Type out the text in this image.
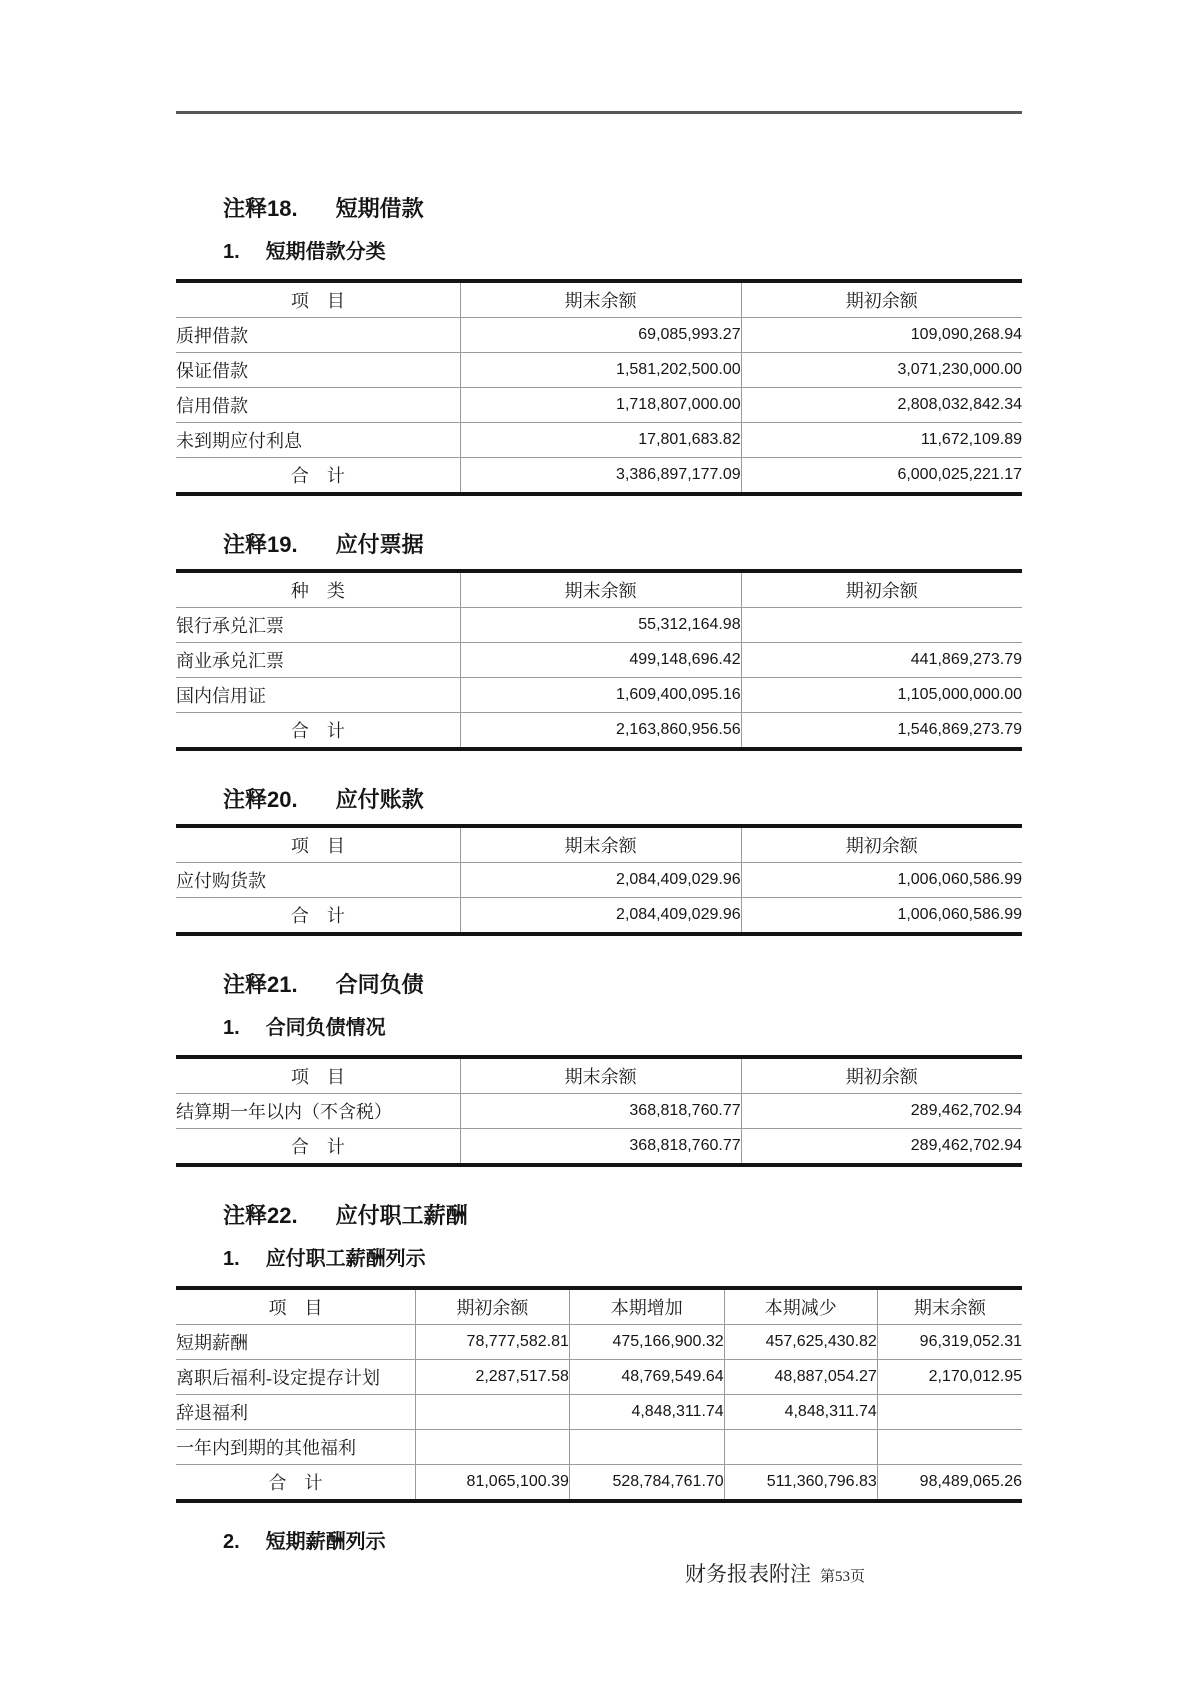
注释18. 短期借款
1. 短期借款分类
项　目	期末余额	期初余额
质押借款	69,085,993.27	109,090,268.94
保证借款	1,581,202,500.00	3,071,230,000.00
信用借款	1,718,807,000.00	2,808,032,842.34
未到期应付利息	17,801,683.82	11,672,109.89
合　计	3,386,897,177.09	6,000,025,221.17
注释19. 应付票据
种　类	期末余额	期初余额
银行承兑汇票	55,312,164.98	
商业承兑汇票	499,148,696.42	441,869,273.79
国内信用证	1,609,400,095.16	1,105,000,000.00
合　计	2,163,860,956.56	1,546,869,273.79
注释20. 应付账款
项　目	期末余额	期初余额
应付购货款	2,084,409,029.96	1,006,060,586.99
合　计	2,084,409,029.96	1,006,060,586.99
注释21. 合同负债
1. 合同负债情况
项　目	期末余额	期初余额
结算期一年以内（不含税）	368,818,760.77	289,462,702.94
合　计	368,818,760.77	289,462,702.94
注释22. 应付职工薪酬
1. 应付职工薪酬列示
项　目	期初余额	本期增加	本期减少	期末余额
短期薪酬	78,777,582.81	475,166,900.32	457,625,430.82	96,319,052.31
离职后福利-设定提存计划	2,287,517.58	48,769,549.64	48,887,054.27	2,170,012.95
辞退福利		4,848,311.74	4,848,311.74	
一年内到期的其他福利				
合　计	81,065,100.39	528,784,761.70	511,360,796.83	98,489,065.26
2. 短期薪酬列示
财务报表附注 第53页
